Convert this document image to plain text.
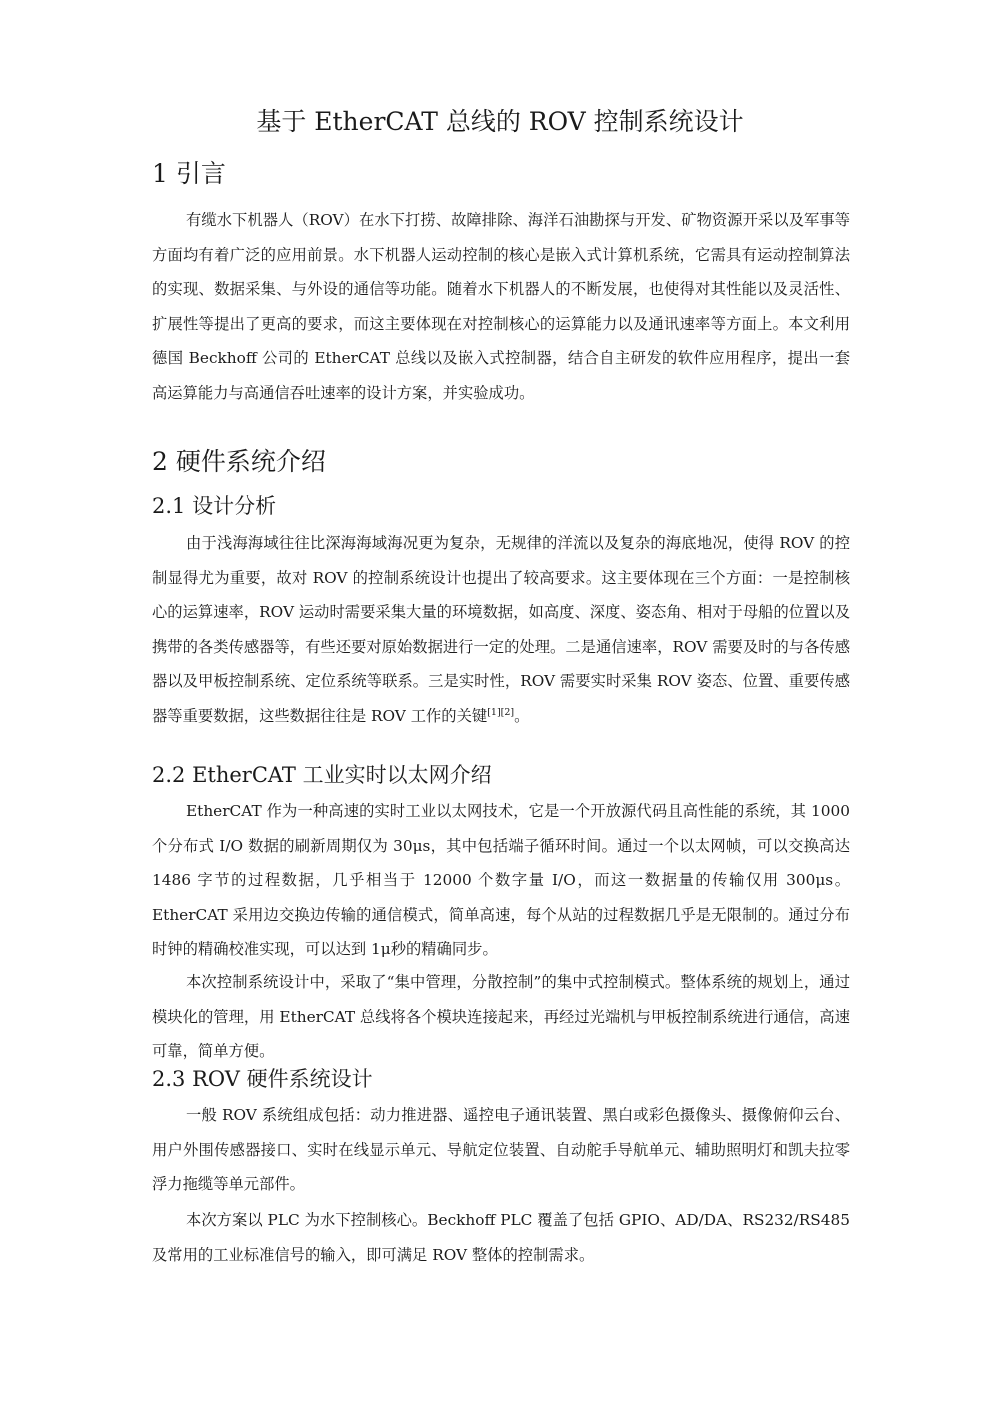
基于 EtherCAT 总线的 ROV 控制系统设计
1 引言

有缆水下机器人（ROV）在水下打捞、故障排除、海洋石油勘探与开发、矿物资源开采以及军事等方面均有着广泛的应用前景。水下机器人运动控制的核心是嵌入式计算机系统，它需具有运动控制算法的实现、数据采集、与外设的通信等功能。随着水下机器人的不断发展，也使得对其性能以及灵活性、扩展性等提出了更高的要求，而这主要体现在对控制核心的运算能力以及通讯速率等方面上。本文利用德国 Beckhoff 公司的 EtherCAT 总线以及嵌入式控制器，结合自主研发的软件应用程序，提出一套高运算能力与高通信吞吐速率的设计方案，并实验成功。

2 硬件系统介绍
2.1 设计分析

由于浅海海域往往比深海海域海况更为复杂，无规律的洋流以及复杂的海底地况，使得 ROV 的控制显得尤为重要，故对 ROV 的控制系统设计也提出了较高要求。这主要体现在三个方面：一是控制核心的运算速率，ROV 运动时需要采集大量的环境数据，如高度、深度、姿态角、相对于母船的位置以及携带的各类传感器等，有些还要对原始数据进行一定的处理。二是通信速率，ROV 需要及时的与各传感器以及甲板控制系统、定位系统等联系。三是实时性，ROV 需要实时采集 ROV 姿态、位置、重要传感器等重要数据，这些数据往往是 ROV 工作的关键[1][2]。

2.2 EtherCAT 工业实时以太网介绍

EtherCAT 作为一种高速的实时工业以太网技术，它是一个开放源代码且高性能的系统，其 1000 个分布式 I/O 数据的刷新周期仅为 30μs，其中包括端子循环时间。通过一个以太网帧，可以交换高达 1486 字节的过程数据，几乎相当于 12000 个数字量 I/O，而这一数据量的传输仅用 300μs。EtherCAT 采用边交换边传输的通信模式，简单高速，每个从站的过程数据几乎是无限制的。通过分布时钟的精确校准实现，可以达到 1μ秒的精确同步。

本次控制系统设计中，采取了“集中管理，分散控制”的集中式控制模式。整体系统的规划上，通过模块化的管理，用 EtherCAT 总线将各个模块连接起来，再经过光端机与甲板控制系统进行通信，高速可靠，简单方便。

2.3 ROV 硬件系统设计

一般 ROV 系统组成包括：动力推进器、遥控电子通讯装置、黑白或彩色摄像头、摄像俯仰云台、用户外围传感器接口、实时在线显示单元、导航定位装置、自动舵手导航单元、辅助照明灯和凯夫拉零浮力拖缆等单元部件。

本次方案以 PLC 为水下控制核心。Beckhoff PLC 覆盖了包括 GPIO、AD/DA、RS232/RS485 及常用的工业标准信号的输入，即可满足 ROV 整体的控制需求。
